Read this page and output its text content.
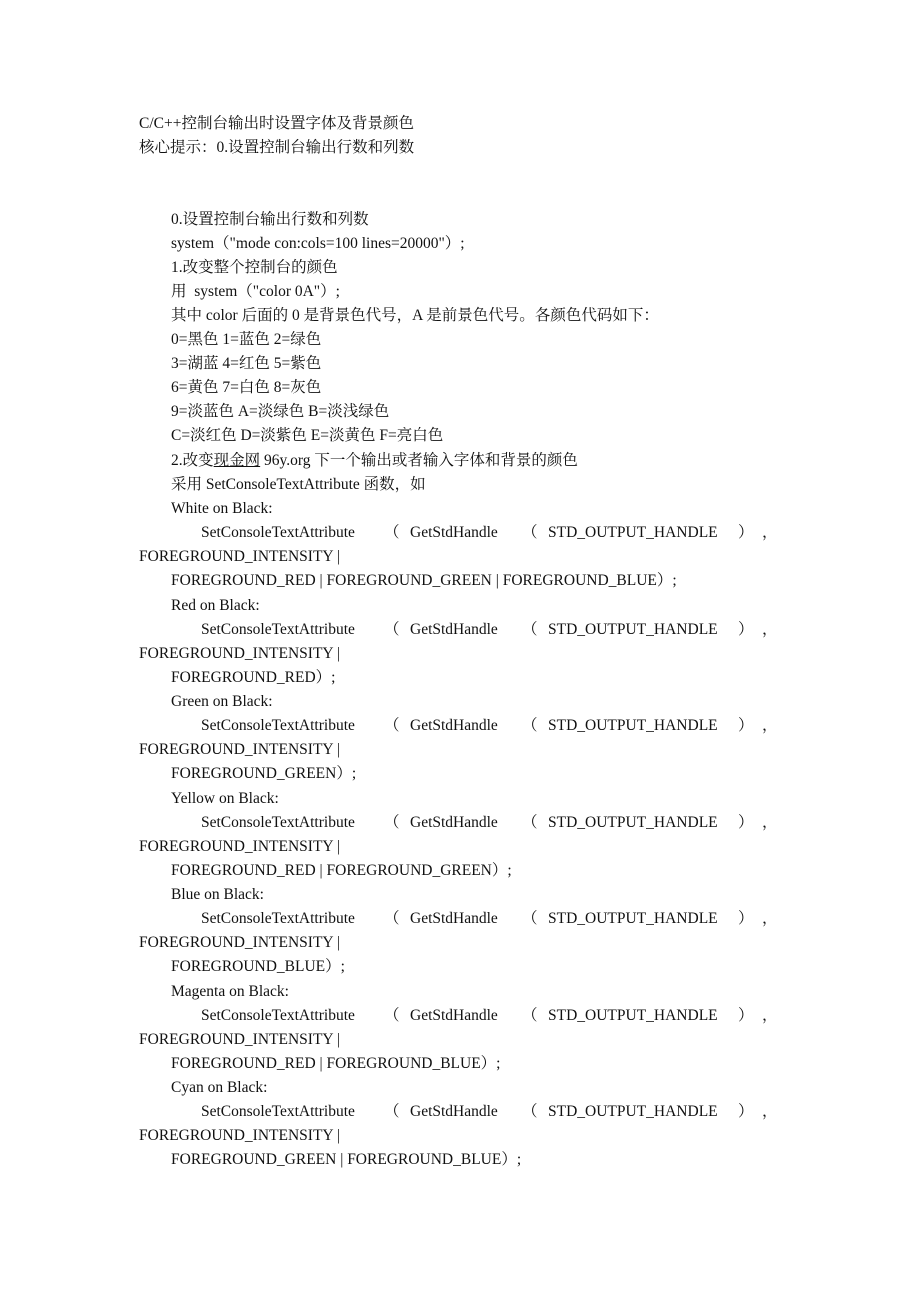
C/C++控制台输出时设置字体及背景颜色
核心提示：0.设置控制台输出行数和列数
0.设置控制台输出行数和列数
system（"mode con:cols=100 lines=20000"）;
1.改变整个控制台的颜色
用  system（"color 0A"）;
其中 color 后面的 0 是背景色代号，A 是前景色代号。各颜色代码如下：
0=黑色 1=蓝色 2=绿色
3=湖蓝 4=红色 5=紫色
6=黄色 7=白色 8=灰色
9=淡蓝色 A=淡绿色 B=淡浅绿色
C=淡红色 D=淡紫色 E=淡黄色 F=亮白色
2.改变现金网 96y.org 下一个输出或者输入字体和背景的颜色
采用 SetConsoleTextAttribute 函数，如
White on Black:
SetConsoleTextAttribute （ GetStdHandle （ STD_OUTPUT_HANDLE ） ，
FOREGROUND_INTENSITY |
FOREGROUND_RED | FOREGROUND_GREEN | FOREGROUND_BLUE）;
Red on Black:
SetConsoleTextAttribute （ GetStdHandle （ STD_OUTPUT_HANDLE ） ，
FOREGROUND_INTENSITY |
FOREGROUND_RED）;
Green on Black:
SetConsoleTextAttribute （ GetStdHandle （ STD_OUTPUT_HANDLE ） ，
FOREGROUND_INTENSITY |
FOREGROUND_GREEN）;
Yellow on Black:
SetConsoleTextAttribute （ GetStdHandle （ STD_OUTPUT_HANDLE ） ，
FOREGROUND_INTENSITY |
FOREGROUND_RED | FOREGROUND_GREEN）;
Blue on Black:
SetConsoleTextAttribute （ GetStdHandle （ STD_OUTPUT_HANDLE ） ，
FOREGROUND_INTENSITY |
FOREGROUND_BLUE）;
Magenta on Black:
SetConsoleTextAttribute （ GetStdHandle （ STD_OUTPUT_HANDLE ） ，
FOREGROUND_INTENSITY |
FOREGROUND_RED | FOREGROUND_BLUE）;
Cyan on Black:
SetConsoleTextAttribute （ GetStdHandle （ STD_OUTPUT_HANDLE ） ，
FOREGROUND_INTENSITY |
FOREGROUND_GREEN | FOREGROUND_BLUE）;
